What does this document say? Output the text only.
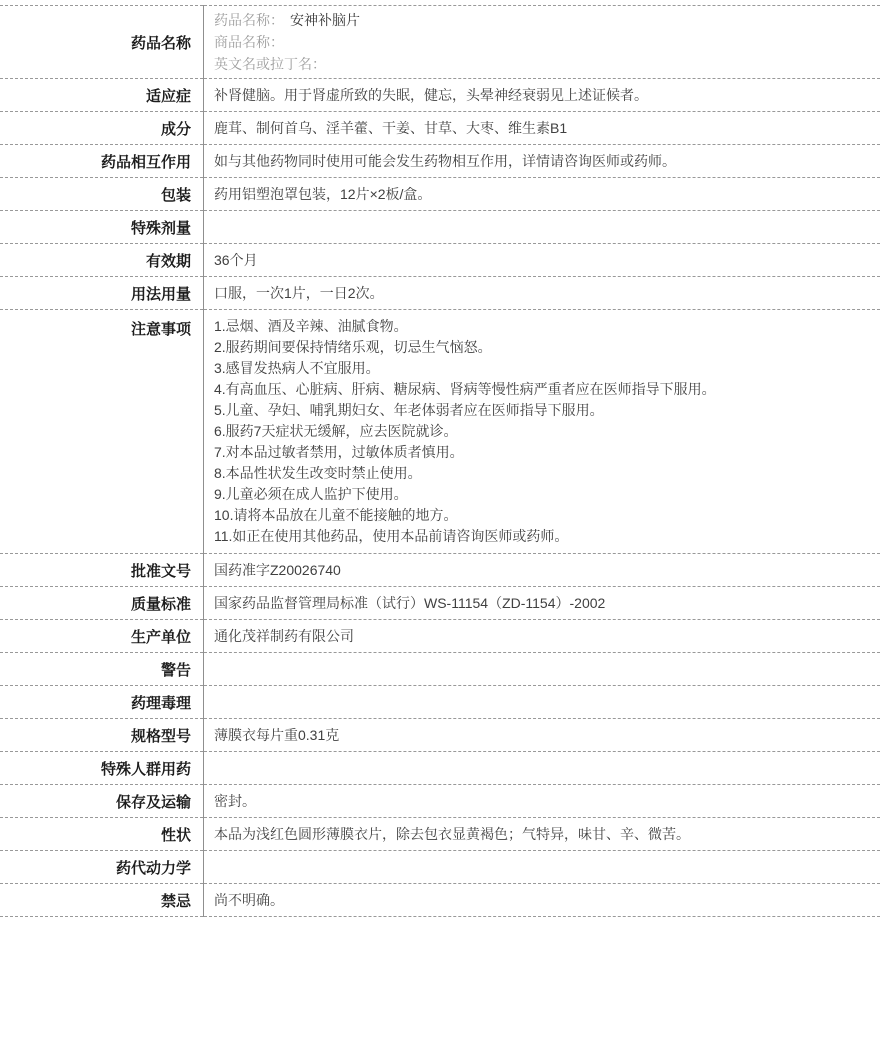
药品名称	药品名称： 安神补脑片
商品名称：
英文名或拉丁名：

适应症	补肾健脑。用于肾虚所致的失眠，健忘，头晕神经衰弱见上述证候者。
成分	鹿茸、制何首乌、淫羊藿、干姜、甘草、大枣、维生素B1
药品相互作用	如与其他药物同时使用可能会发生药物相互作用，详情请咨询医师或药师。
包装	药用铝塑泡罩包装，12片×2板/盒。
特殊剂量	
有效期	36个月
用法用量	口服，一次1片，一日2次。
注意事项	1.忌烟、酒及辛辣、油腻食物。
2.服药期间要保持情绪乐观，切忌生气恼怒。
3.感冒发热病人不宜服用。
4.有高血压、心脏病、肝病、糖尿病、肾病等慢性病严重者应在医师指导下服用。
5.儿童、孕妇、哺乳期妇女、年老体弱者应在医师指导下服用。
6.服药7天症状无缓解，应去医院就诊。
7.对本品过敏者禁用，过敏体质者慎用。
8.本品性状发生改变时禁止使用。
9.儿童必须在成人监护下使用。
10.请将本品放在儿童不能接触的地方。
11.如正在使用其他药品，使用本品前请咨询医师或药师。

批准文号	国药准字Z20026740
质量标准	国家药品监督管理局标准（试行）WS-11154（ZD-1154）-2002
生产单位	通化茂祥制药有限公司
警告	
药理毒理	
规格型号	薄膜衣每片重0.31克
特殊人群用药	
保存及运输	密封。
性状	本品为浅红色圆形薄膜衣片，除去包衣显黄褐色；气特异，味甘、辛、微苦。
药代动力学	
禁忌	尚不明确。
